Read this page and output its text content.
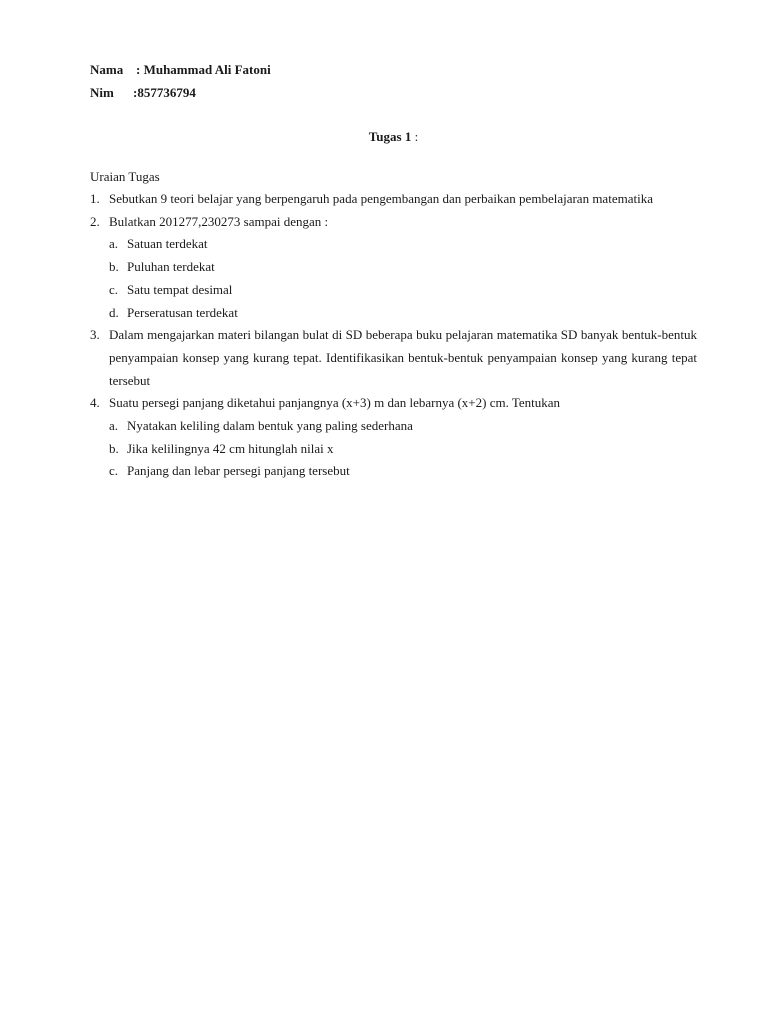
Nama : Muhammad Ali Fatoni
Nim :857736794
Tugas 1 :
Uraian Tugas
1. Sebutkan 9 teori belajar yang berpengaruh pada pengembangan dan perbaikan pembelajaran matematika
2. Bulatkan 201277,230273 sampai dengan :
a. Satuan terdekat
b. Puluhan terdekat
c. Satu tempat desimal
d. Perseratusan terdekat
3. Dalam mengajarkan materi bilangan bulat di SD beberapa buku pelajaran matematika SD banyak bentuk-bentuk penyampaian konsep yang kurang tepat. Identifikasikan bentuk-bentuk penyampaian konsep yang kurang tepat tersebut
4. Suatu persegi panjang diketahui panjangnya (x+3) m dan lebarnya (x+2) cm. Tentukan
a. Nyatakan keliling dalam bentuk yang paling sederhana
b. Jika kelilingnya 42 cm hitunglah nilai x
c. Panjang dan lebar persegi panjang tersebut
